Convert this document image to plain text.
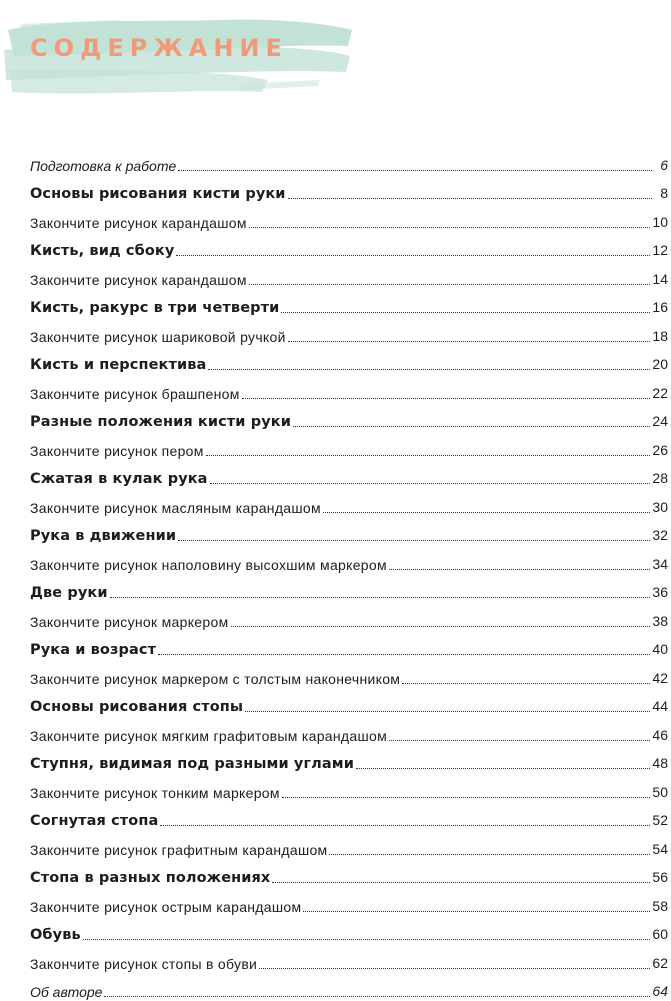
СОДЕРЖАНИЕ
Подготовка к работе	6
Основы рисования кисти руки	8
Закончите рисунок карандашом	10
Кисть, вид сбоку	12
Закончите рисунок карандашом	14
Кисть, ракурс в три четверти	16
Закончите рисунок шариковой ручкой	18
Кисть и перспектива	20
Закончите рисунок брашпеном	22
Разные положения кисти руки	24
Закончите рисунок пером	26
Сжатая в кулак рука	28
Закончите рисунок масляным карандашом	30
Рука в движении	32
Закончите рисунок наполовину высохшим маркером	34
Две руки	36
Закончите рисунок маркером	38
Рука и возраст	40
Закончите рисунок маркером с толстым наконечником	42
Основы рисования стопы	44
Закончите рисунок мягким графитовым карандашом	46
Ступня, видимая под разными углами	48
Закончите рисунок тонким маркером	50
Согнутая стопа	52
Закончите рисунок графитным карандашом	54
Стопа в разных положениях	56
Закончите рисунок острым карандашом	58
Обувь	60
Закончите рисунок стопы в обуви	62
Об авторе	64
